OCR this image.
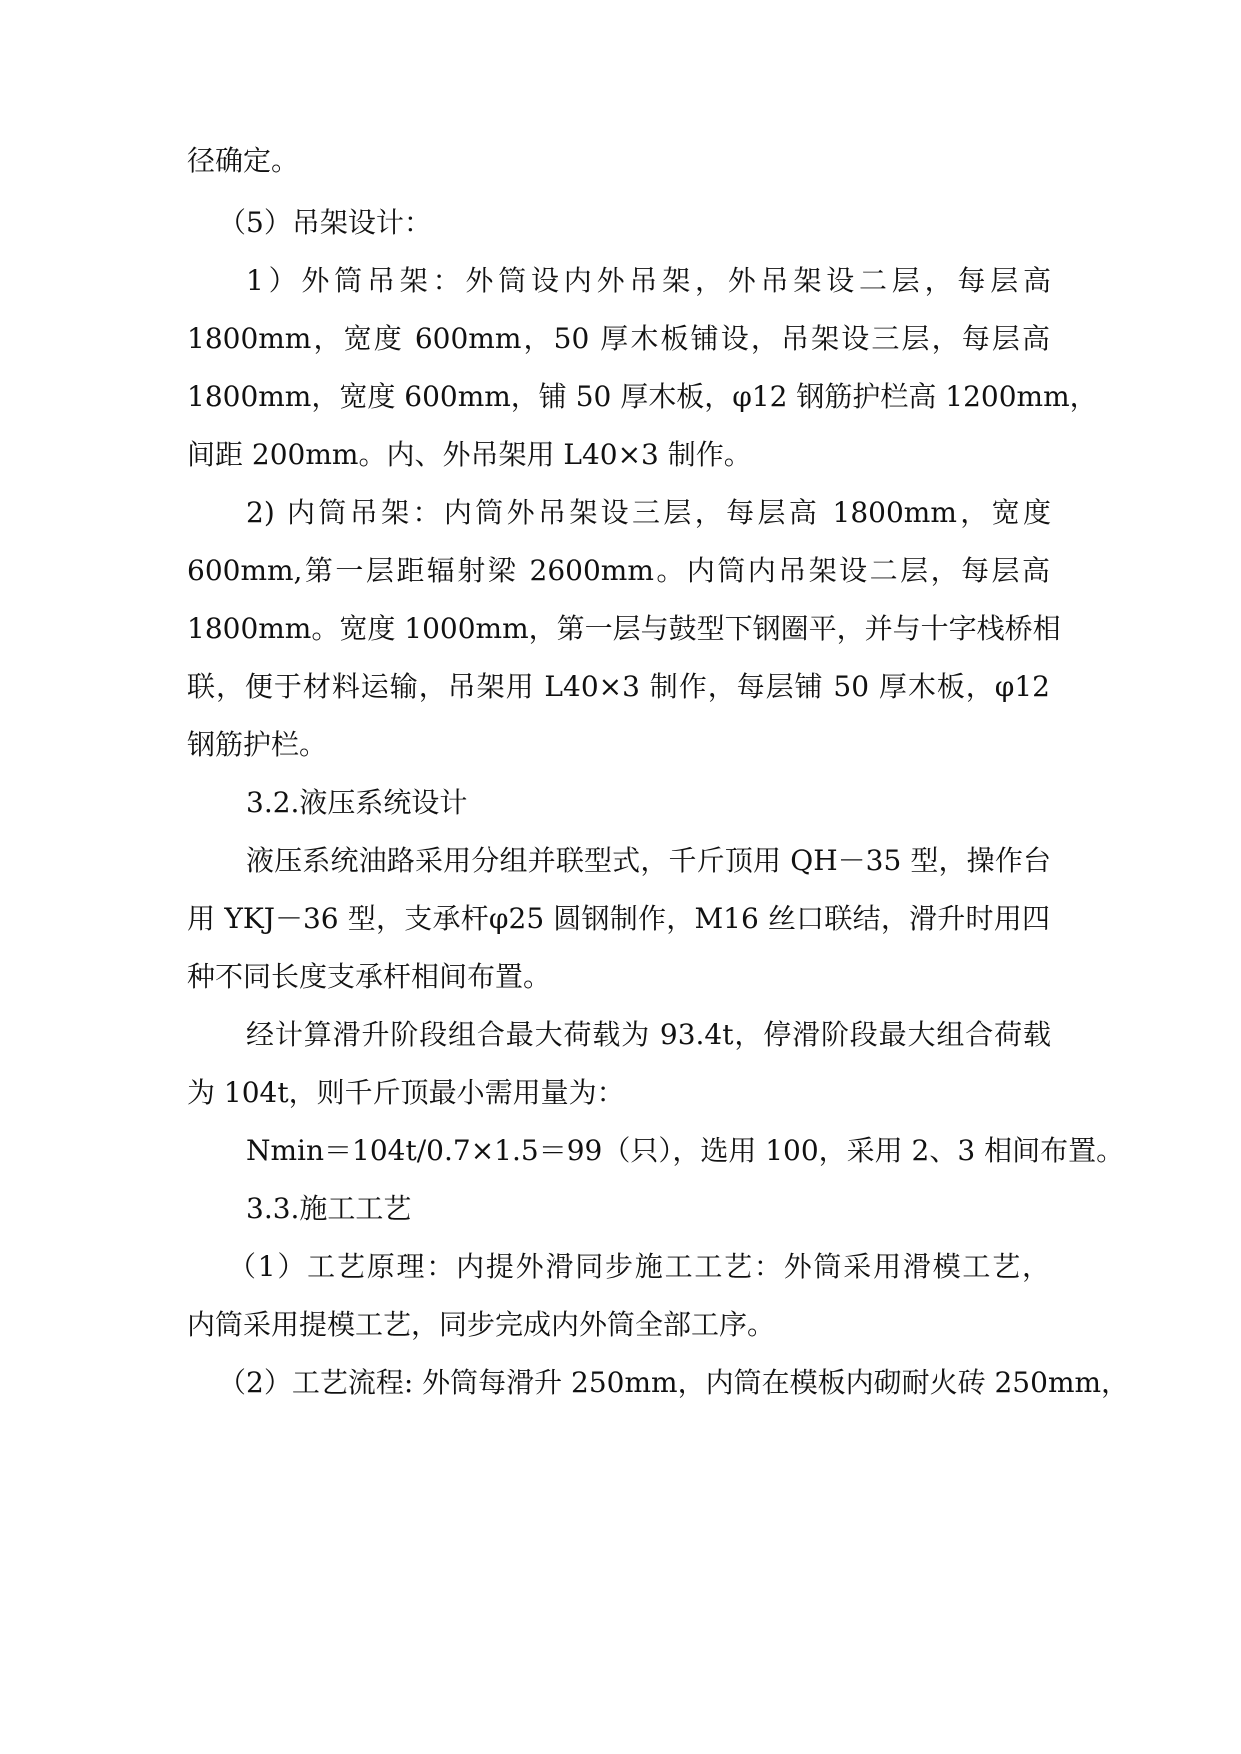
径确定。
（5）吊架设计：
1）外筒吊架：外筒设内外吊架，外吊架设二层，每层高
1800mm，宽度 600mm，50 厚木板铺设，吊架设三层，每层高
1800mm，宽度 600mm，铺 50 厚木板，φ12 钢筋护栏高 1200mm，
间距 200mm。内、外吊架用 L40×3 制作。
2) 内筒吊架：内筒外吊架设三层，每层高 1800mm，宽度
600mm,第一层距辐射梁 2600mm。内筒内吊架设二层，每层高
1800mm。宽度 1000mm，第一层与鼓型下钢圈平，并与十字栈桥相
联，便于材料运输，吊架用 L40×3 制作，每层铺 50 厚木板，φ12
钢筋护栏。
3.2.液压系统设计
液压系统油路采用分组并联型式，千斤顶用 QH－35 型，操作台
用 YKJ－36 型，支承杆φ25 圆钢制作，M16 丝口联结，滑升时用四
种不同长度支承杆相间布置。
经计算滑升阶段组合最大荷载为 93.4t，停滑阶段最大组合荷载
为 104t，则千斤顶最小需用量为：
Nmin＝104t/0.7×1.5＝99（只），选用 100，采用 2、3 相间布置。
3.3.施工工艺
（1）工艺原理：内提外滑同步施工工艺：外筒采用滑模工艺，
内筒采用提模工艺，同步完成内外筒全部工序。
（2）工艺流程: 外筒每滑升 250mm，内筒在模板内砌耐火砖 250mm，
